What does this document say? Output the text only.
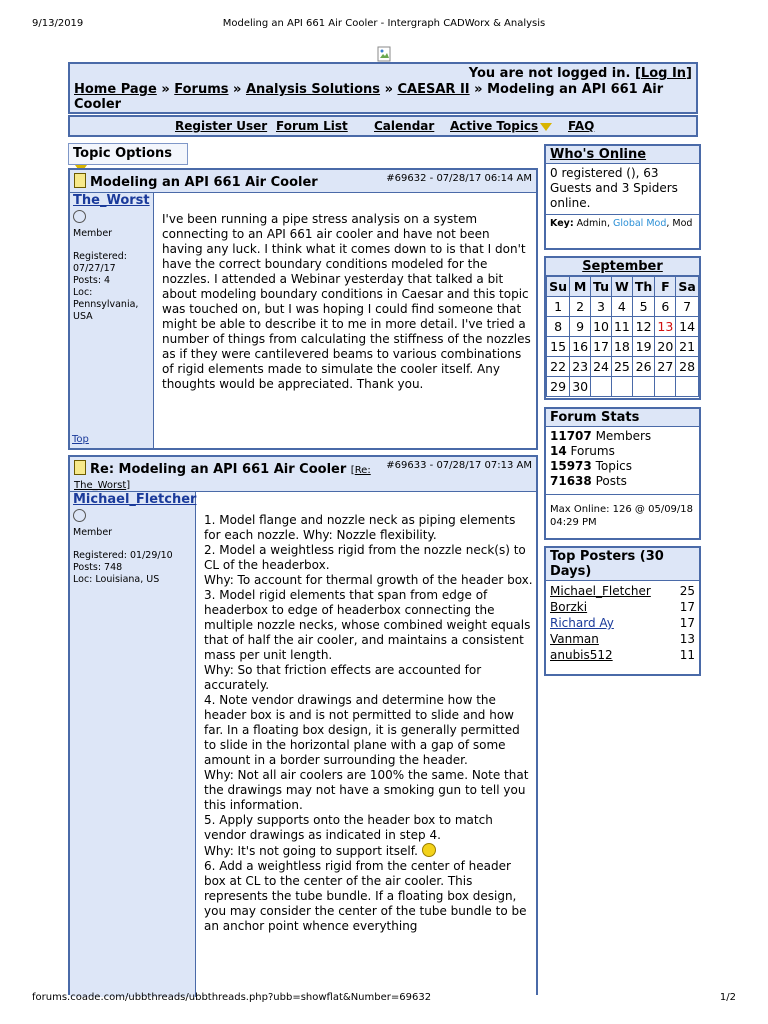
9/13/2019	Modeling an API 661 Air Cooler - Intergraph CADWorx & Analysis
You are not logged in. [Log In]
Home Page » Forums » Analysis Solutions » CAESAR II » Modeling an API 661 Air Cooler
Register User Forum List Calendar Active Topics	FAQ
Topic Options
Modeling an API 661 Air Cooler	#69632 - 07/28/17 06:14 AM
The_Worst
Member
Registered:
07/27/17
Posts: 4
Loc:
Pennsylvania, USA
I've been running a pipe stress analysis on a system connecting to an API 661 air cooler and have not been having any luck. I think what it comes down to is that I don't have the correct boundary conditions modeled for the nozzles. I attended a Webinar yesterday that talked a bit about modeling boundary conditions in Caesar and this topic was touched on, but I was hoping I could find someone that might be able to describe it to me in more detail. I've tried a number of things from calculating the stiffness of the nozzles as if they were cantilevered beams to various combinations of rigid elements made to simulate the cooler itself. Any thoughts would be appreciated. Thank you.
Top
Re: Modeling an API 661 Air Cooler [Re: The_Worst]
#69633 - 07/28/17 07:13 AM
Michael_Fletcher
Member
Registered: 01/29/10
Posts: 748
Loc: Louisiana, US
1. Model flange and nozzle neck as piping elements for each nozzle. Why: Nozzle flexibility.
2. Model a weightless rigid from the nozzle neck(s) to CL of the headerbox.
Why: To account for thermal growth of the header box.
3. Model rigid elements that span from edge of headerbox to edge of headerbox connecting the multiple nozzle necks, whose combined weight equals that of half the air cooler, and maintains a consistent mass per unit length.
Why: So that friction effects are accounted for accurately.
4. Note vendor drawings and determine how the header box is and is not permitted to slide and how far. In a floating box design, it is generally permitted to slide in the horizontal plane with a gap of some amount in a border surrounding the header.
Why: Not all air coolers are 100% the same. Note that the drawings may not have a smoking gun to tell you this information.
5. Apply supports onto the header box to match vendor drawings as indicated in step 4.
Why: It's not going to support itself.
6. Add a weightless rigid from the center of header box at CL to the center of the air cooler. This represents the tube bundle. If a floating box design, you may consider the center of the tube bundle to be an anchor point whence everything
Who's Online
0 registered (), 63 Guests and 3 Spiders online.
Key: Admin, Global Mod, Mod
September
Su	M	Tu	W	Th	F	Sa
1	2	3	4	5	6	7
8	9	10	11	12	13	14
15	16	17	18	19	20	21
22	23	24	25	26	27	28
29	30					
Forum Stats
11707 Members
14 Forums
15973 Topics
71638 Posts
Max Online: 126 @ 05/09/18 04:29 PM
Top Posters (30 Days)
Michael_Fletcher 25
Borzki	17
Richard Ay	17
Vanman	13
anubis512	11
forums.coade.com/ubbthreads/ubbthreads.php?ubb=showflat&Number=69632	1/2
